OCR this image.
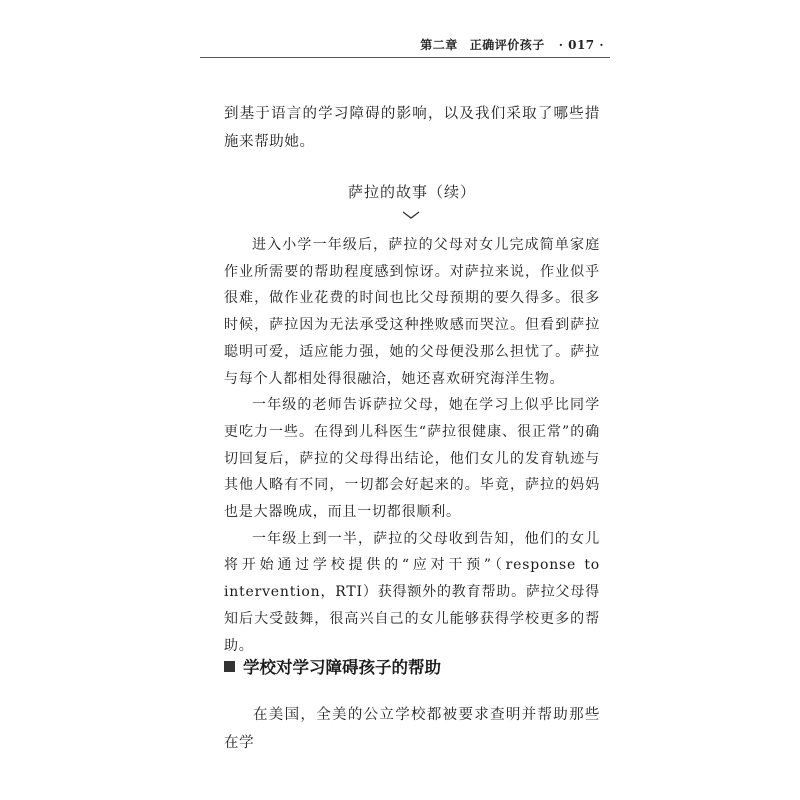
第二章 正确评价孩子 · 017 ·

到基于语言的学习障碍的影响，以及我们采取了哪些措施来帮助她。

萨拉的故事（续）

进入小学一年级后，萨拉的父母对女儿完成简单家庭作业所需要的帮助程度感到惊讶。对萨拉来说，作业似乎很难，做作业花费的时间也比父母预期的要久得多。很多时候，萨拉因为无法承受这种挫败感而哭泣。但看到萨拉聪明可爱，适应能力强，她的父母便没那么担忧了。萨拉与每个人都相处得很融洽，她还喜欢研究海洋生物。

一年级的老师告诉萨拉父母，她在学习上似乎比同学更吃力一些。在得到儿科医生“萨拉很健康、很正常”的确切回复后，萨拉的父母得出结论，他们女儿的发育轨迹与其他人略有不同，一切都会好起来的。毕竟，萨拉的妈妈也是大器晚成，而且一切都很顺利。

一年级上到一半，萨拉的父母收到告知，他们的女儿将开始通过学校提供的“应对干预”（response to intervention，RTI）获得额外的教育帮助。萨拉父母得知后大受鼓舞，很高兴自己的女儿能够获得学校更多的帮助。

学校对学习障碍孩子的帮助

在美国，全美的公立学校都被要求查明并帮助那些在学
